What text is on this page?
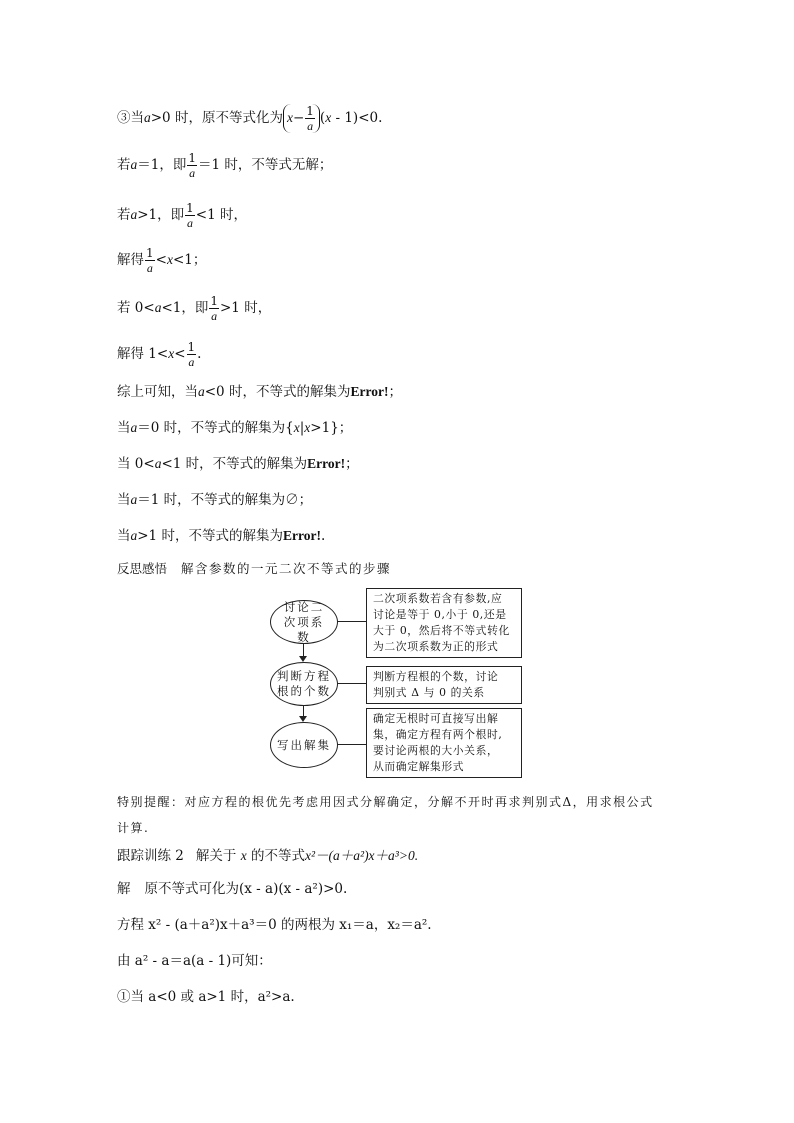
③当a>0 时，原不等式化为 $x- \frac{1}{a} (x - 1)<0$.
若a＝1，即 $\frac{1}{a} =1$ 时，不等式无解；
若a>1，即 $\frac{1}{a} <1$ 时，
解得 $\frac{1}{a} <x<1$；
若 0<a<1，即 $\frac{1}{a} >1$ 时，
解得 $1<x< \frac{1}{a}$ .
综上可知，当a<0 时，不等式的解集为Error!；
当a＝0 时，不等式的解集为{x|x>1}；
当 0<a<1 时，不等式的解集为Error!；
当a＝1 时，不等式的解集为∅；
当a>1 时，不等式的解集为Error!.
反思感悟 解含参数的一元二次不等式的步骤
讨论二次项系数
二次项系数若含有参数,应
讨论是等于 0,小于 0,还是
大于 0，然后将不等式转化
为二次项系数为正的形式
判断方程根的个数
判断方程根的个数，讨论
判别式 Δ 与 0 的关系
写出解集
确定无根时可直接写出解
集，确定方程有两个根时,
要讨论两根的大小关系，
从而确定解集形式
特别提醒：对应方程的根优先考虑用因式分解确定，分解不开时再求判别式Δ，用求根公式
计算.
跟踪训练 2 解关于 x 的不等式x²－(a＋a²)x＋a³>0.
解 原不等式可化为(x - a)(x - a²)>0.
方程 x² - (a＋a²)x＋a³＝0 的两根为 x₁＝a，x₂＝a².
由 a² - a＝a(a - 1)可知：
①当 a<0 或 a>1 时，a²>a.
